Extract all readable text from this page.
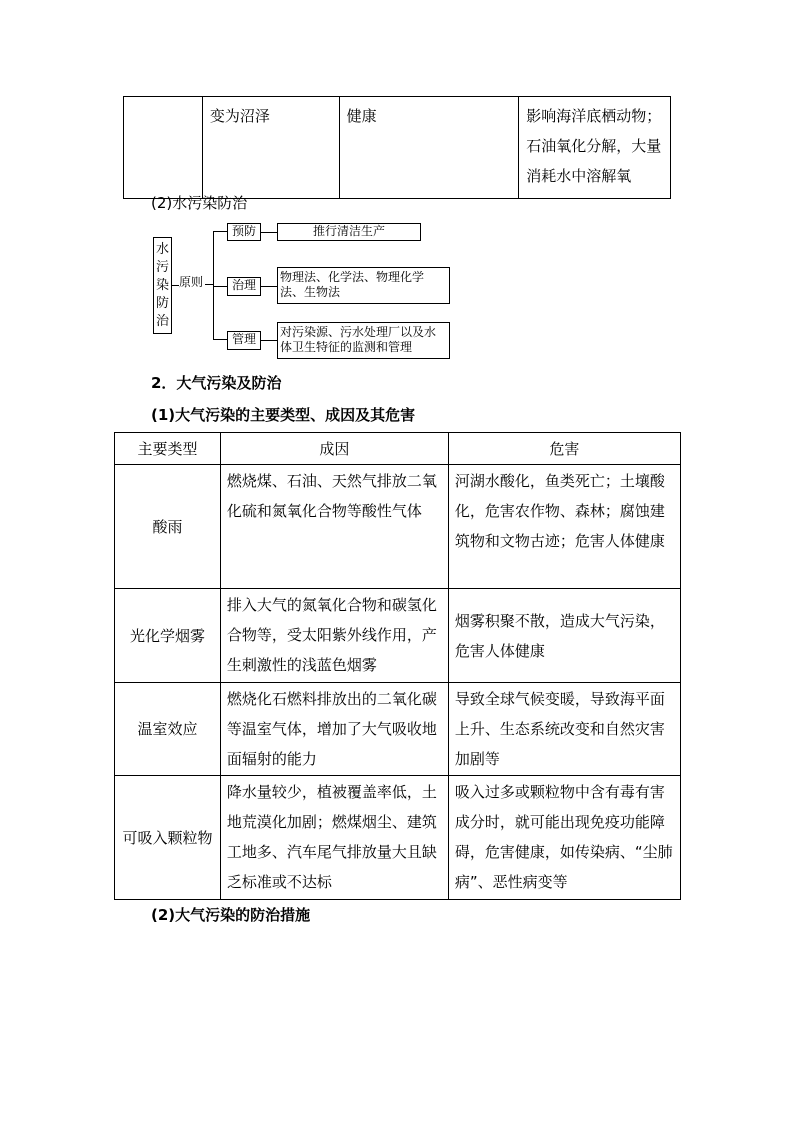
	变为沼泽	健康	影响海洋底栖动物；石油氧化分解，大量消耗水中溶解氧
(2)水污染防治
水
污
染
防
治
原则
预防	推行清洁生产
治理
物理法、化学法、物理化学法、生物法
管理	对污染源、污水处理厂以及水体卫生特征的监测和管理
2．大气污染及防治
(1)大气污染的主要类型、成因及其危害
主要类型	成因	危害
酸雨	燃烧煤、石油、天然气排放二氧化硫和氮氧化合物等酸性气体	河湖水酸化，鱼类死亡；土壤酸化，危害农作物、森林；腐蚀建筑物和文物古迹；危害人体健康
光化学烟雾	排入大气的氮氧化合物和碳氢化合物等，受太阳紫外线作用，产生刺激性的浅蓝色烟雾	烟雾积聚不散，造成大气污染，危害人体健康
温室效应	燃烧化石燃料排放出的二氧化碳等温室气体，增加了大气吸收地面辐射的能力	导致全球气候变暖，导致海平面上升、生态系统改变和自然灾害加剧等
可吸入颗粒物	降水量较少，植被覆盖率低，土地荒漠化加剧；燃煤烟尘、建筑工地多、汽车尾气排放量大且缺乏标准或不达标	吸入过多或颗粒物中含有毒有害成分时，就可能出现免疫功能障碍，危害健康，如传染病、“尘肺病”、恶性病变等
(2)大气污染的防治措施
